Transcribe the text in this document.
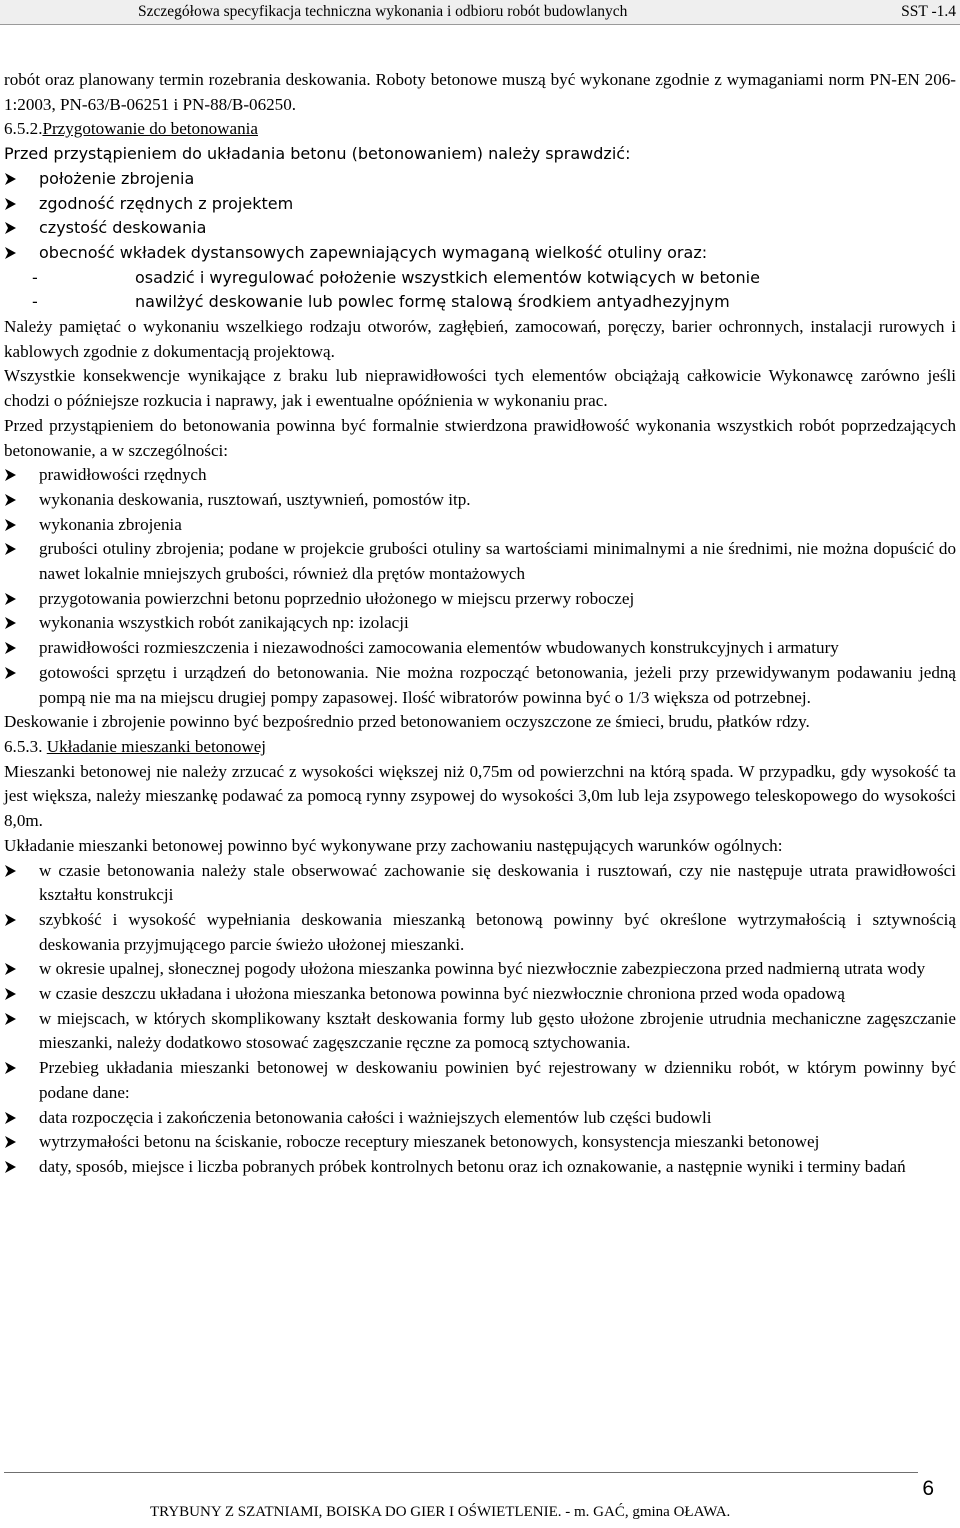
Szczegółowa specyfikacja techniczna wykonania i odbioru robót budowlanych	SST -1.4

robót oraz planowany termin rozebrania deskowania. Roboty betonowe muszą być wykonane zgodnie z wymaganiami norm PN-EN 206-1:2003, PN-63/B-06251 i PN-88/B-06250.

6.5.2.Przygotowanie do betonowania

Przed przystąpieniem do układania betonu (betonowaniem) należy sprawdzić:

położenie zbrojenia
zgodność rzędnych z projektem
czystość deskowania
obecność wkładek dystansowych zapewniających wymaganą wielkość otuliny oraz:
-	osadzić i wyregulować położenie wszystkich elementów kotwiących w betonie
-	nawilżyć deskowanie lub powlec formę stalową środkiem antyadhezyjnym

Należy pamiętać o wykonaniu wszelkiego rodzaju otworów, zagłębień, zamocowań, poręczy, barier ochronnych, instalacji rurowych i kablowych zgodnie z dokumentacją projektową.

Wszystkie konsekwencje wynikające z braku lub nieprawidłowości tych elementów obciążają całkowicie Wykonawcę zarówno jeśli chodzi o późniejsze rozkucia i naprawy, jak i ewentualne opóźnienia w wykonaniu prac.

Przed przystąpieniem do betonowania powinna być formalnie stwierdzona prawidłowość wykonania wszystkich robót poprzedzających betonowanie, a w szczególności:

prawidłowości rzędnych
wykonania deskowania, rusztowań, usztywnień, pomostów itp.
wykonania zbrojenia
grubości otuliny zbrojenia; podane w projekcie grubości otuliny sa wartościami minimalnymi a nie średnimi, nie można dopuścić do nawet lokalnie mniejszych grubości, również dla prętów montażowych
przygotowania powierzchni betonu poprzednio ułożonego w miejscu przerwy roboczej
wykonania wszystkich robót zanikających np: izolacji
prawidłowości rozmieszczenia i niezawodności zamocowania elementów wbudowanych konstrukcyjnych i armatury
gotowości sprzętu i urządzeń do betonowania. Nie można rozpocząć betonowania, jeżeli przy przewidywanym podawaniu jedną pompą nie ma na miejscu drugiej pompy zapasowej. Ilość wibratorów powinna być o 1/3 większa od potrzebnej.

Deskowanie i zbrojenie powinno być bezpośrednio przed betonowaniem oczyszczone ze śmieci, brudu, płatków rdzy.

6.5.3. Układanie mieszanki betonowej

Mieszanki betonowej nie należy zrzucać z wysokości większej niż 0,75m od powierzchni na którą spada. W przypadku, gdy wysokość ta jest większa, należy mieszankę podawać za pomocą rynny zsypowej do wysokości 3,0m lub leja zsypowego teleskopowego do wysokości 8,0m.

Układanie mieszanki betonowej powinno być wykonywane przy zachowaniu następujących warunków ogólnych:

w czasie betonowania należy stale obserwować zachowanie się deskowania i rusztowań, czy nie następuje utrata prawidłowości kształtu konstrukcji
szybkość i wysokość wypełniania deskowania mieszanką betonową powinny być określone wytrzymałością i sztywnością deskowania przyjmującego parcie świeżo ułożonej mieszanki.
w okresie upalnej, słonecznej pogody ułożona mieszanka powinna być niezwłocznie zabezpieczona przed nadmierną utrata wody
w czasie deszczu układana i ułożona mieszanka betonowa powinna być niezwłocznie chroniona przed woda opadową
w miejscach, w których skomplikowany kształt deskowania formy lub gęsto ułożone zbrojenie utrudnia mechaniczne zagęszczanie mieszanki, należy dodatkowo stosować zagęszczanie ręczne za pomocą sztychowania.
Przebieg układania mieszanki betonowej w deskowaniu powinien być rejestrowany w dzienniku robót, w którym powinny być podane dane:
data rozpoczęcia i zakończenia betonowania całości i ważniejszych elementów lub części budowli
wytrzymałości betonu na ściskanie, robocze receptury mieszanek betonowych, konsystencja mieszanki betonowej
daty, sposób, miejsce i liczba pobranych próbek kontrolnych betonu oraz ich oznakowanie, a następnie wyniki i terminy badań
6
TRYBUNY Z SZATNIAMI, BOISKA DO GIER I OŚWIETLENIE. - m. GAĆ, gmina OŁAWA.
